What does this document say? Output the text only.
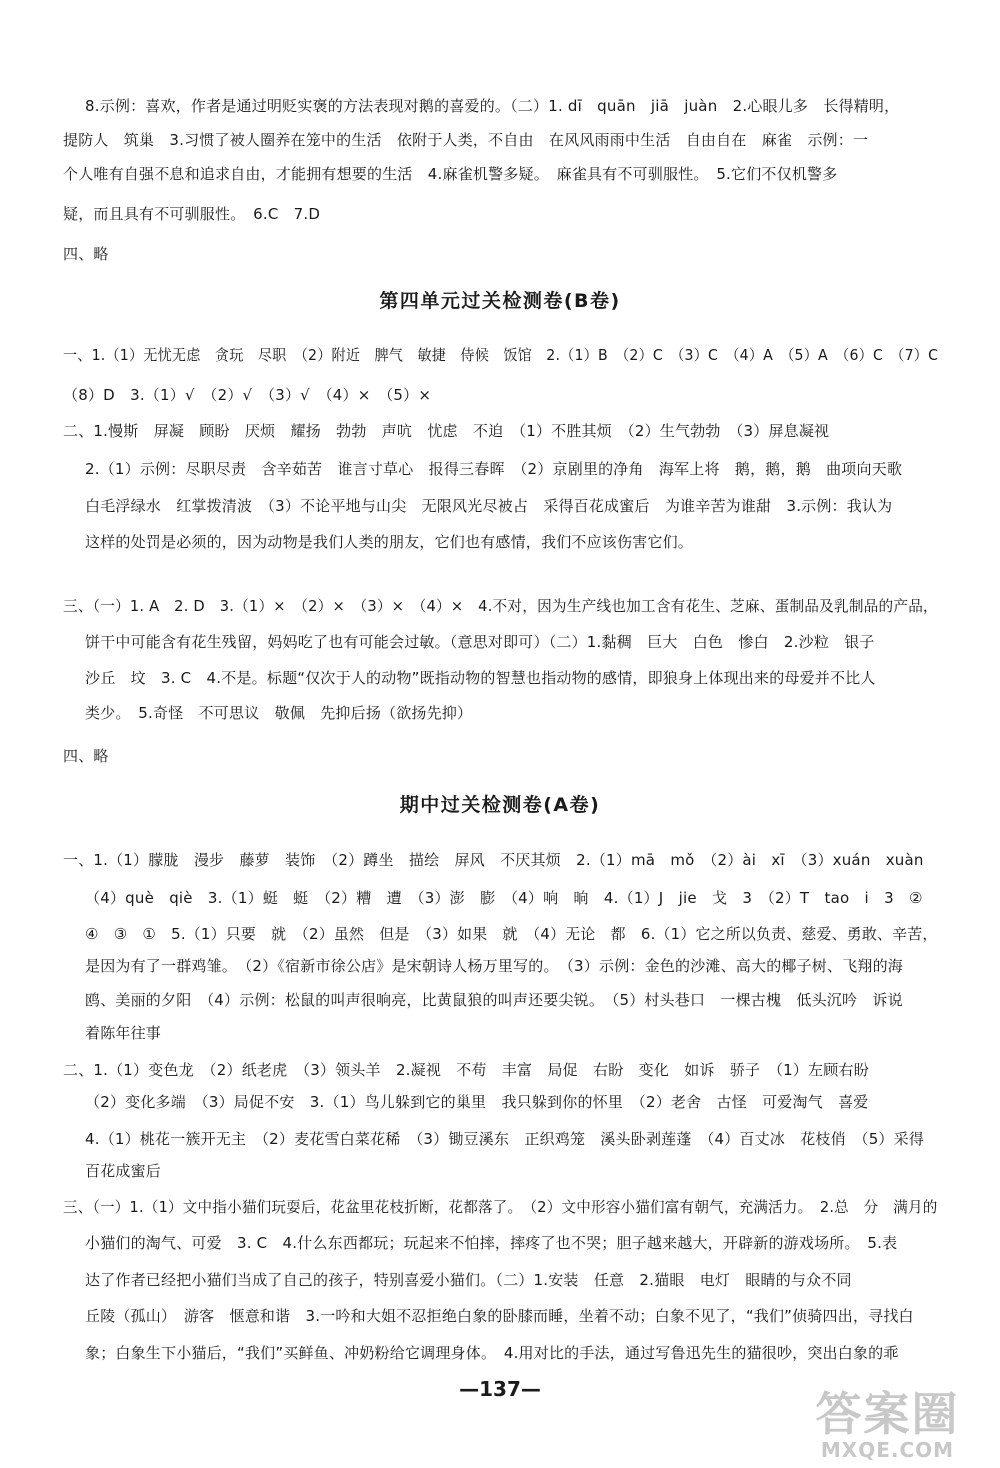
8.示例：喜欢，作者是通过明贬实褒的方法表现对鹅的喜爱的。（二）1. dī　quān　jiā　juàn　2.心眼儿多　长得精明，
提防人　筑巢　3.习惯了被人圈养在笼中的生活　依附于人类，不自由　在风风雨雨中生活　自由自在　麻雀　示例：一
个人唯有自强不息和追求自由，才能拥有想要的生活　4.麻雀机警多疑。　麻雀具有不可驯服性。　5.它们不仅机警多
疑，而且具有不可驯服性。　6.C　7.D
四、略
第四单元过关检测卷(B卷)
一、1.（1）无忧无虑　贪玩　尽职　（2）附近　脾气　敏捷　侍候　饭馆　2.（1）B　（2）C　（3）C　（4）A　（5）A　（6）C　（7）C
（8）D　3.（1）√　（2）√　（3）√　（4）×　（5）×
二、1.慢斯　屏凝　顾盼　厌烦　耀扬　勃勃　声吭　忧虑　不迫　（1）不胜其烦　（2）生气勃勃　（3）屏息凝视
2.（1）示例：尽职尽责　含辛茹苦　谁言寸草心　报得三春晖　（2）京剧里的净角　海军上将　鹅，鹅，鹅　曲项向天歌
白毛浮绿水　红掌拨清波　（3）不论平地与山尖　无限风光尽被占　采得百花成蜜后　为谁辛苦为谁甜　3.示例：我认为
这样的处罚是必须的，因为动物是我们人类的朋友，它们也有感情，我们不应该伤害它们。
三、（一）1. A　2. D　3.（1）×　（2）×　（3）×　（4）×　4.不对，因为生产线也加工含有花生、芝麻、蛋制品及乳制品的产品，
饼干中可能含有花生残留，妈妈吃了也有可能会过敏。（意思对即可）（二）1.黏稠　巨大　白色　惨白　2.沙粒　银子
沙丘　坟　3. C　4.不是。标题“仅次于人的动物”既指动物的智慧也指动物的感情，即狼身上体现出来的母爱并不比人
类少。　5.奇怪　不可思议　敬佩　先抑后扬（欲扬先抑）
四、略
期中过关检测卷(A卷)
一、1.（1）朦胧　漫步　藤萝　装饰　（2）蹲坐　描绘　屏风　不厌其烦　2.（1）mā　mǒ　（2）ài　xī　（3）xuán　xuàn
（4）què　qiè　3.（1）蜓　蜓　（2）糟　遭　（3）澎　膨　（4）响　晌　4.（1）J　jie　戈　3　（2）T　tao　i　3　②
④　③　①　5.（1）只要　就　（2）虽然　但是　（3）如果　就　（4）无论　都　6.（1）它之所以负责、慈爱、勇敢、辛苦，
是因为有了一群鸡雏。　（2）《宿新市徐公店》是宋朝诗人杨万里写的。　（3）示例：金色的沙滩、高大的椰子树、飞翔的海
鸥、美丽的夕阳　（4）示例：松鼠的叫声很响亮，比黄鼠狼的叫声还要尖锐。　（5）村头巷口　一棵古槐　低头沉吟　诉说
着陈年往事
二、1.（1）变色龙　（2）纸老虎　（3）领头羊　2.凝视　不苟　丰富　局促　右盼　变化　如诉　骄子　（1）左顾右盼
（2）变化多端　（3）局促不安　3.（1）鸟儿躲到它的巢里　我只躲到你的怀里　（2）老舍　古怪　可爱淘气　喜爱
4.（1）桃花一簇开无主　（2）麦花雪白菜花稀　（3）锄豆溪东　正织鸡笼　溪头卧剥莲蓬　（4）百丈冰　花枝俏　（5）采得
百花成蜜后
三、（一）1.（1）文中指小猫们玩耍后，花盆里花枝折断，花都落了。　（2）文中形容小猫们富有朝气，充满活力。　2.总　分　满月的
小猫们的淘气、可爱　3. C　4.什么东西都玩；玩起来不怕摔，摔疼了也不哭；胆子越来越大，开辟新的游戏场所。　5.表
达了作者已经把小猫们当成了自己的孩子，特别喜爱小猫们。（二）1.安装　任意　2.猫眼　电灯　眼睛的与众不同
丘陵（孤山）　游客　惬意和谐　3.一吟和大姐不忍拒绝白象的卧膝而睡，坐着不动；白象不见了，“我们”侦骑四出，寻找白
象；白象生下小猫后，“我们”买鲜鱼、冲奶粉给它调理身体。　4.用对比的手法，通过写鲁迅先生的猫很吵，突出白象的乖
—137—	答案圈
MXQE.COM
